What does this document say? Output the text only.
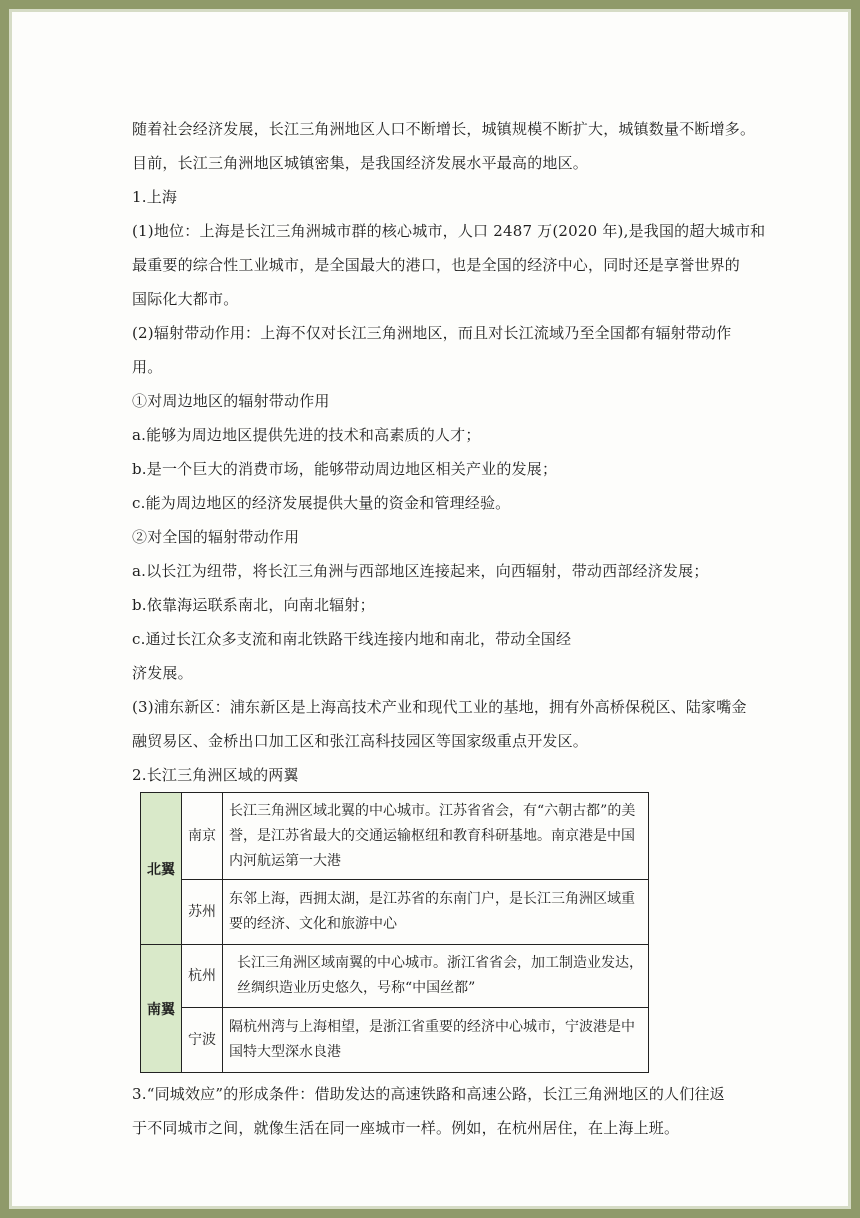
随着社会经济发展，长江三角洲地区人口不断增长，城镇规模不断扩大，城镇数量不断增多。
目前，长江三角洲地区城镇密集，是我国经济发展水平最高的地区。
1.上海
(1)地位：上海是长江三角洲城市群的核心城市，人口 2487 万(2020 年),是我国的超大城市和
最重要的综合性工业城市，是全国最大的港口，也是全国的经济中心，同时还是享誉世界的
国际化大都市。
(2)辐射带动作用：上海不仅对长江三角洲地区，而且对长江流域乃至全国都有辐射带动作
用。
①对周边地区的辐射带动作用
a.能够为周边地区提供先进的技术和高素质的人才；
b.是一个巨大的消费市场，能够带动周边地区相关产业的发展；
c.能为周边地区的经济发展提供大量的资金和管理经验。
②对全国的辐射带动作用
a.以长江为纽带，将长江三角洲与西部地区连接起来，向西辐射，带动西部经济发展；
b.依靠海运联系南北，向南北辐射；
c.通过长江众多支流和南北铁路干线连接内地和南北，带动全国经
济发展。
(3)浦东新区：浦东新区是上海高技术产业和现代工业的基地，拥有外高桥保税区、陆家嘴金
融贸易区、金桥出口加工区和张江高科技园区等国家级重点开发区。
2.长江三角洲区域的两翼
北翼	南京	长江三角洲区域北翼的中心城市。江苏省省会，有“六朝古都”的美誉，是江苏省最大的交通运输枢纽和教育科研基地。南京港是中国内河航运第一大港
	苏州	东邻上海，西拥太湖，是江苏省的东南门户，是长江三角洲区域重要的经济、文化和旅游中心
南翼	杭州	长江三角洲区域南翼的中心城市。浙江省省会，加工制造业发达，丝绸织造业历史悠久，号称“中国丝都”
	宁波	隔杭州湾与上海相望，是浙江省重要的经济中心城市，宁波港是中国特大型深水良港
3.“同城效应”的形成条件：借助发达的高速铁路和高速公路，长江三角洲地区的人们往返
于不同城市之间，就像生活在同一座城市一样。例如，在杭州居住，在上海上班。
